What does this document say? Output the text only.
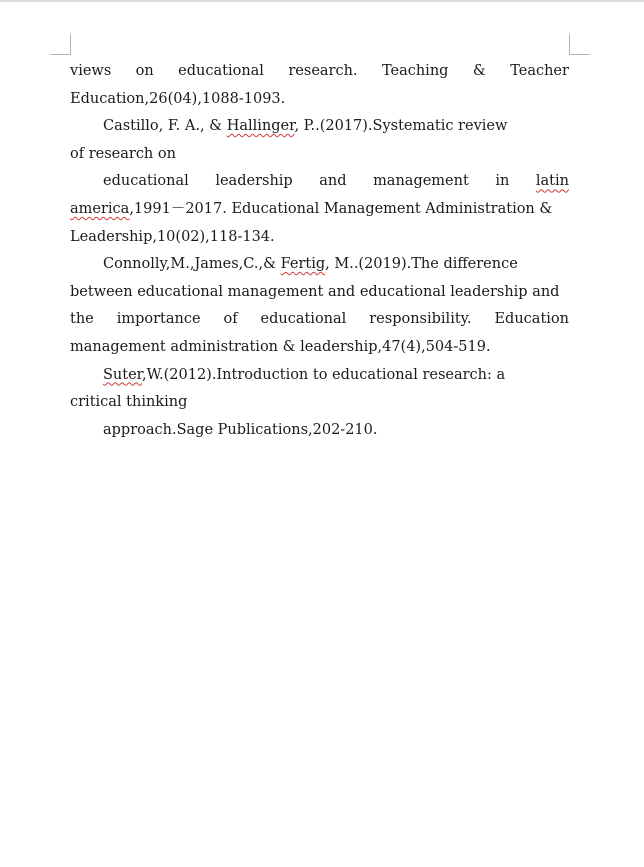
views on educational research. Teaching & Teacher
Education,26(04),1088-1093.
Castillo, F. A., & Hallinger, P..(2017).Systematic review
of research on
educational leadership and management in latin
america,1991－2017. Educational Management Administration &
Leadership,10(02),118-134.
Connolly,M.,James,C.,& Fertig, M..(2019).The difference
between educational management and educational leadership and
the importance of educational responsibility. Education
management administration & leadership,47(4),504-519.
Suter,W.(2012).Introduction to educational research: a
critical thinking
approach.Sage Publications,202-210.
